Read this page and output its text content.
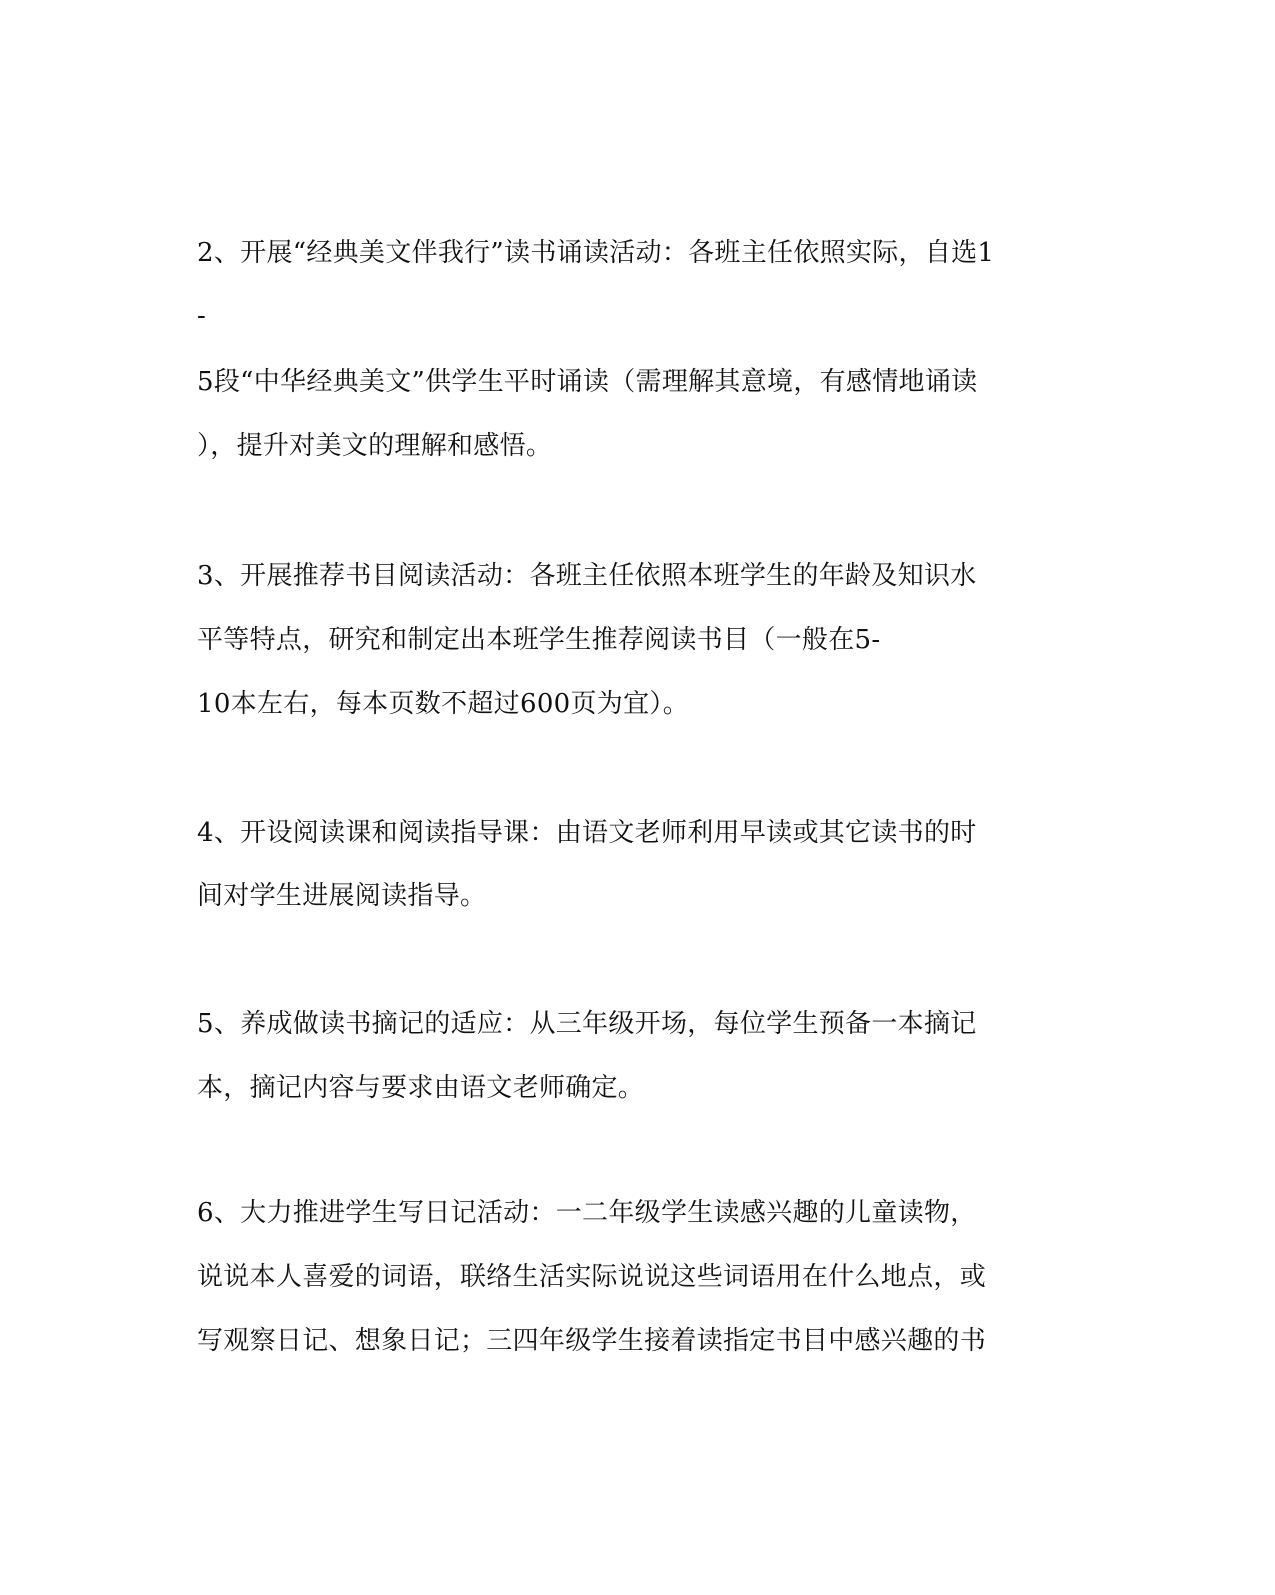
2、开展“经典美文伴我行”读书诵读活动：各班主任依照实际，自选1
-
5段“中华经典美文”供学生平时诵读（需理解其意境，有感情地诵读
），提升对美文的理解和感悟。
3、开展推荐书目阅读活动：各班主任依照本班学生的年龄及知识水
平等特点，研究和制定出本班学生推荐阅读书目（一般在5-
10本左右，每本页数不超过600页为宜）。
4、开设阅读课和阅读指导课：由语文老师利用早读或其它读书的时
间对学生进展阅读指导。
5、养成做读书摘记的适应：从三年级开场，每位学生预备一本摘记
本，摘记内容与要求由语文老师确定。
6、大力推进学生写日记活动：一二年级学生读感兴趣的儿童读物，
说说本人喜爱的词语，联络生活实际说说这些词语用在什么地点，或
写观察日记、想象日记；三四年级学生接着读指定书目中感兴趣的书
